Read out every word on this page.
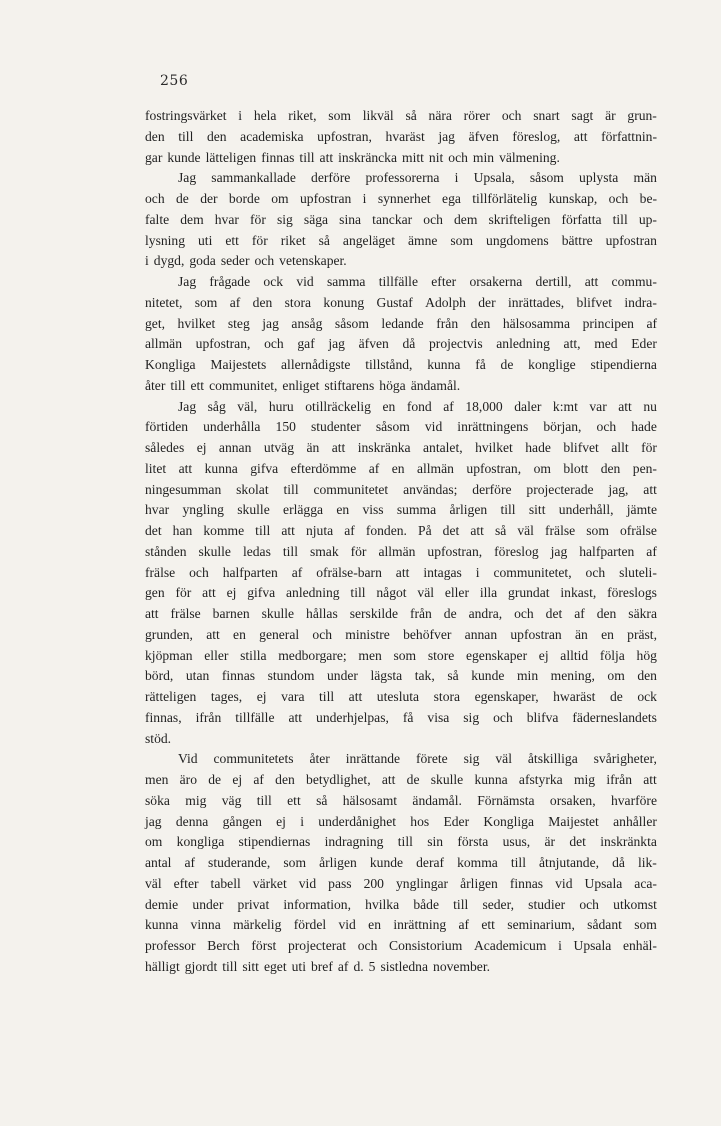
256
fostringsvärket i hela riket, som likväl så nära rörer och snart sagt är grun-
den till den academiska upfostran, hvaräst jag äfven föreslog, att författnin-
gar kunde lätteligen finnas till att inskräncka mitt nit och min välmening.
Jag sammankallade derföre professorerna i Upsala, såsom uplysta män
och de der borde om upfostran i synnerhet ega tillförlätelig kunskap, och be-
falte dem hvar för sig säga sina tanckar och dem skrifteligen författa till up-
lysning uti ett för riket så angeläget ämne som ungdomens bättre upfostran
i dygd, goda seder och vetenskaper.
Jag frågade ock vid samma tillfälle efter orsakerna dertill, att commu-
nitetet, som af den stora konung Gustaf Adolph der inrättades, blifvet indra-
get, hvilket steg jag ansåg såsom ledande från den hälsosamma principen af
allmän upfostran, och gaf jag äfven då projectvis anledning att, med Eder
Kongliga Maijestets allernådigste tillstånd, kunna få de konglige stipendierna
åter till ett communitet, enliget stiftarens höga ändamål.
Jag såg väl, huru otillräckelig en fond af 18,000 daler k:mt var att nu
förtiden underhålla 150 studenter såsom vid inrättningens början, och hade
således ej annan utväg än att inskränka antalet, hvilket hade blifvet allt för
litet att kunna gifva efterdömme af en allmän upfostran, om blott den pen-
ningesumman skolat till communitetet användas; derföre projecterade jag, att
hvar yngling skulle erlägga en viss summa årligen till sitt underhåll, jämte
det han komme till att njuta af fonden. På det att så väl frälse som ofrälse
stånden skulle ledas till smak för allmän upfostran, föreslog jag halfparten af
frälse och halfparten af ofrälse-barn att intagas i communitetet, och sluteli-
gen för att ej gifva anledning till något väl eller illa grundat inkast, föreslogs
att frälse barnen skulle hållas serskilde från de andra, och det af den säkra
grunden, att en general och ministre behöfver annan upfostran än en präst,
kjöpman eller stilla medborgare; men som store egenskaper ej alltid följa hög
börd, utan finnas stundom under lägsta tak, så kunde min mening, om den
rätteligen tages, ej vara till att utesluta stora egenskaper, hwaräst de ock
finnas, ifrån tillfälle att underhjelpas, få visa sig och blifva fäderneslandets
stöd.
Vid communitetets åter inrättande förete sig väl åtskilliga svårigheter,
men äro de ej af den betydlighet, att de skulle kunna afstyrka mig ifrån att
söka mig väg till ett så hälsosamt ändamål. Förnämsta orsaken, hvarföre
jag denna gången ej i underdånighet hos Eder Kongliga Maijestet anhåller
om kongliga stipendiernas indragning till sin första usus, är det inskränkta
antal af studerande, som årligen kunde deraf komma till åtnjutande, då lik-
väl efter tabell värket vid pass 200 ynglingar årligen finnas vid Upsala aca-
demie under privat information, hvilka både till seder, studier och utkomst
kunna vinna märkelig fördel vid en inrättning af ett seminarium, sådant som
professor Berch först projecterat och Consistorium Academicum i Upsala enhäl-
hälligt gjordt till sitt eget uti bref af d. 5 sistledna november.
